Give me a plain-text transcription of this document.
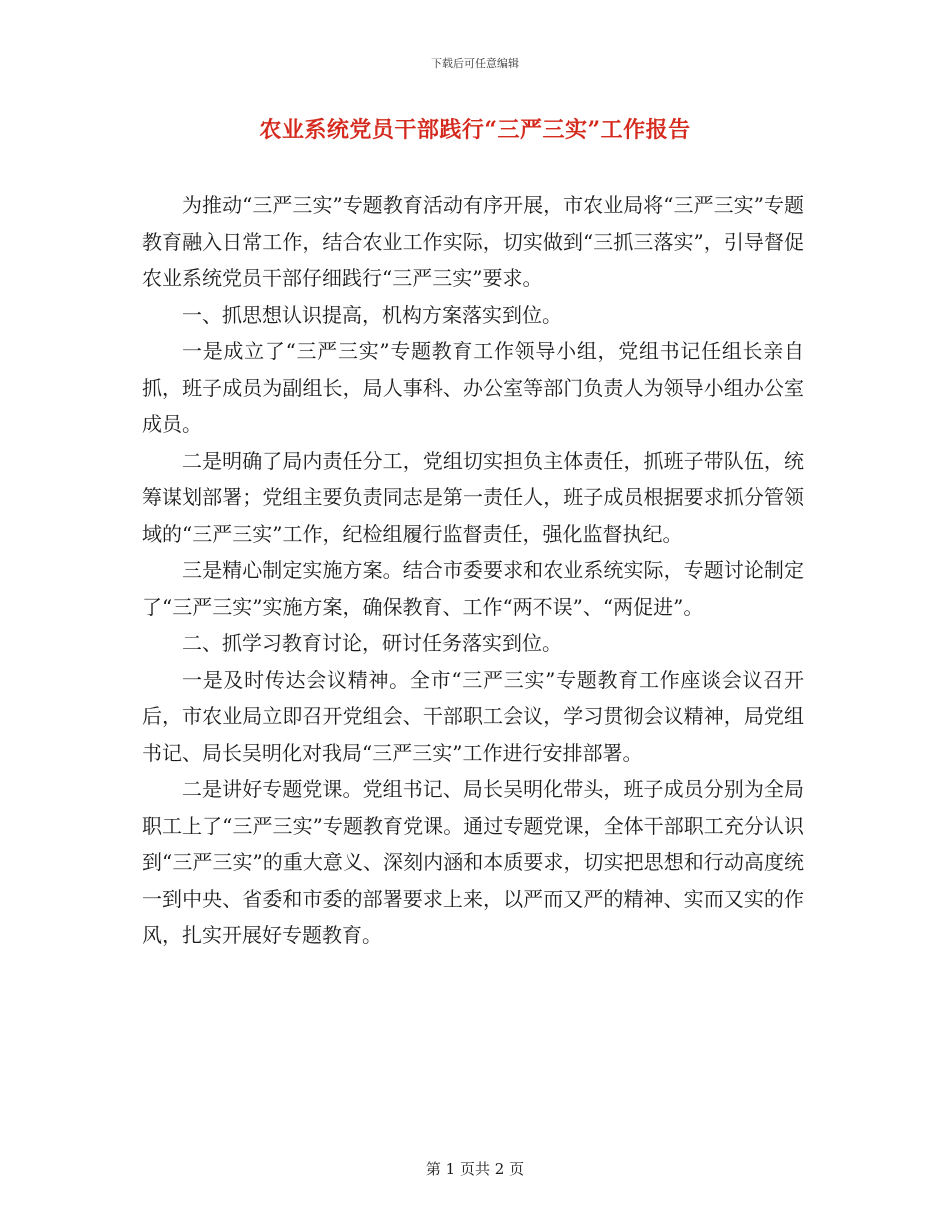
下载后可任意编辑
农业系统党员干部践行“三严三实”工作报告

为推动“三严三实”专题教育活动有序开展，市农业局将“三严三实”专题教育融入日常工作，结合农业工作实际，切实做到“三抓三落实”，引导督促农业系统党员干部仔细践行“三严三实”要求。

一、抓思想认识提高，机构方案落实到位。

一是成立了“三严三实”专题教育工作领导小组，党组书记任组长亲自抓，班子成员为副组长，局人事科、办公室等部门负责人为领导小组办公室成员。

二是明确了局内责任分工，党组切实担负主体责任，抓班子带队伍，统筹谋划部署；党组主要负责同志是第一责任人，班子成员根据要求抓分管领域的“三严三实”工作，纪检组履行监督责任，强化监督执纪。

三是精心制定实施方案。结合市委要求和农业系统实际，专题讨论制定了“三严三实”实施方案，确保教育、工作“两不误”、“两促进”。

二、抓学习教育讨论，研讨任务落实到位。

一是及时传达会议精神。全市“三严三实”专题教育工作座谈会议召开后，市农业局立即召开党组会、干部职工会议，学习贯彻会议精神，局党组书记、局长吴明化对我局“三严三实”工作进行安排部署。

二是讲好专题党课。党组书记、局长吴明化带头，班子成员分别为全局职工上了“三严三实”专题教育党课。通过专题党课，全体干部职工充分认识到“三严三实”的重大意义、深刻内涵和本质要求，切实把思想和行动高度统一到中央、省委和市委的部署要求上来，以严而又严的精神、实而又实的作风，扎实开展好专题教育。

第 1 页共 2 页
